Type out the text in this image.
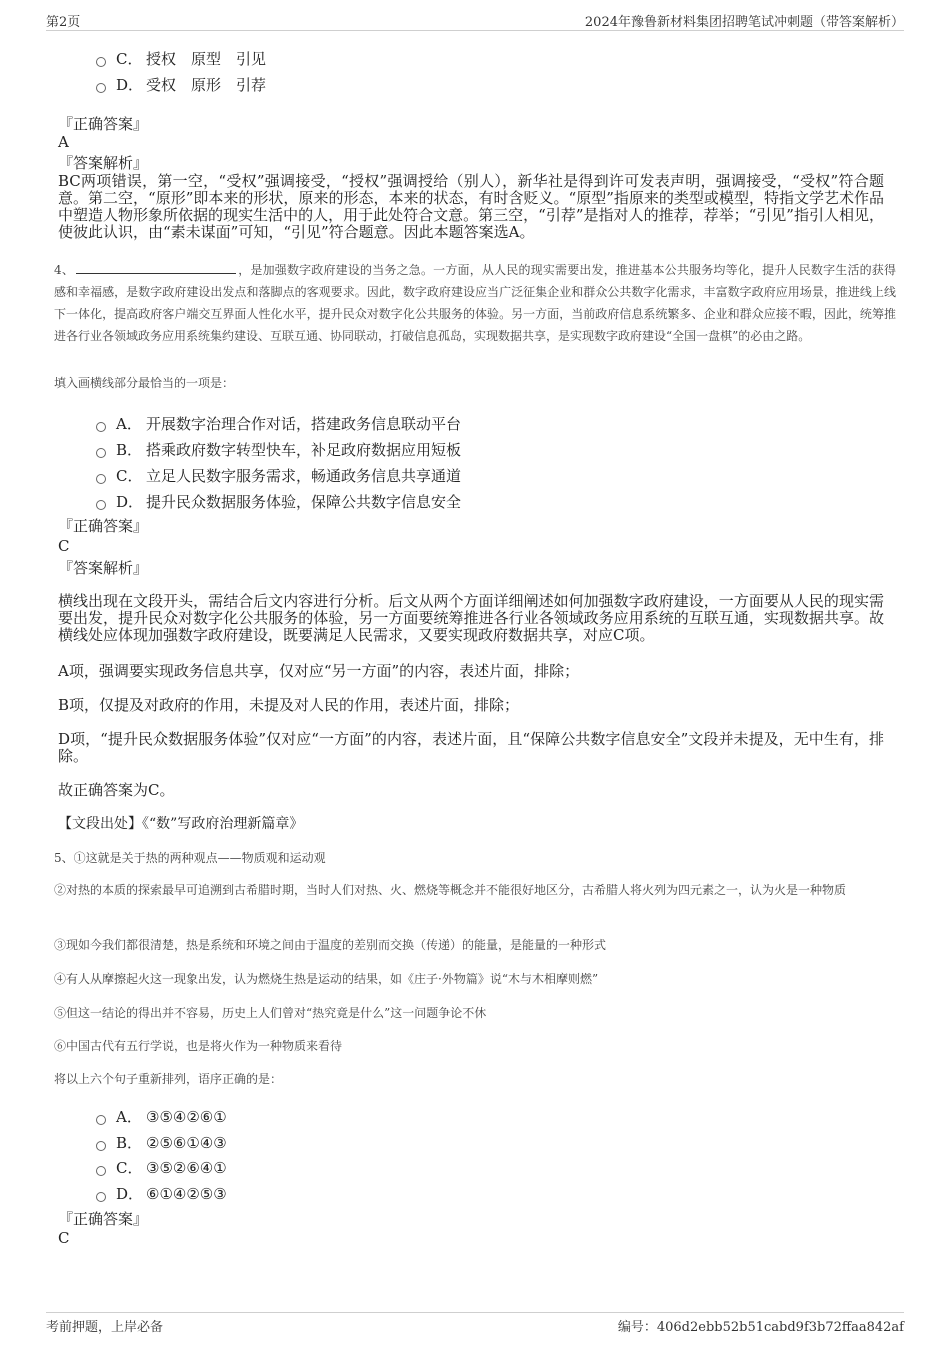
第2页	2024年豫鲁新材料集团招聘笔试冲刺题（带答案解析）
C． 授权　原型　引见
D． 受权　原形　引荐
『正确答案』
A
『答案解析』
BC两项错误，第一空，“受权”强调接受，“授权”强调授给（别人），新华社是得到许可发表声明，强调接受，“受权”符合题意。第二空，“原形”即本来的形状，原来的形态，本来的状态，有时含贬义。“原型”指原来的类型或模型，特指文学艺术作品中塑造人物形象所依据的现实生活中的人，用于此处符合文意。第三空，“引荐”是指对人的推荐，荐举；“引见”指引人相见，使彼此认识，由“素未谋面”可知，“引见”符合题意。因此本题答案选A。
4、	，是加强数字政府建设的当务之急。一方面，从人民的现实需要出发，推进基本公共服务均等化，提升人民数字生活的获得感和幸福感，是数字政府建设出发点和落脚点的客观要求。因此，数字政府建设应当广泛征集企业和群众公共数字化需求，丰富数字政府应用场景，推进线上线下一体化，提高政府客户端交互界面人性化水平，提升民众对数字化公共服务的体验。另一方面，当前政府信息系统繁多、企业和群众应接不暇，因此，统筹推进各行业各领域政务应用系统集约建设、互联互通、协同联动，打破信息孤岛，实现数据共享，是实现数字政府建设“全国一盘棋”的必由之路。
填入画横线部分最恰当的一项是：
A． 开展数字治理合作对话，搭建政务信息联动平台
B． 搭乘政府数字转型快车，补足政府数据应用短板
C． 立足人民数字服务需求，畅通政务信息共享通道
D． 提升民众数据服务体验，保障公共数字信息安全
『正确答案』
C
『答案解析』
横线出现在文段开头，需结合后文内容进行分析。后文从两个方面详细阐述如何加强数字政府建设，一方面要从人民的现实需要出发，提升民众对数字化公共服务的体验，另一方面要统筹推进各行业各领域政务应用系统的互联互通，实现数据共享。故横线处应体现加强数字政府建设，既要满足人民需求，又要实现政府数据共享，对应C项。
A项，强调要实现政务信息共享，仅对应“另一方面”的内容，表述片面，排除；
B项，仅提及对政府的作用，未提及对人民的作用，表述片面，排除；
D项，“提升民众数据服务体验”仅对应“一方面”的内容，表述片面，且“保障公共数字信息安全”文段并未提及，无中生有，排除。
故正确答案为C。
【文段出处】《“数”写政府治理新篇章》
5、①这就是关于热的两种观点——物质观和运动观
②对热的本质的探索最早可追溯到古希腊时期，当时人们对热、火、燃烧等概念并不能很好地区分，古希腊人将火列为四元素之一，认为火是一种物质
③现如今我们都很清楚，热是系统和环境之间由于温度的差别而交换（传递）的能量，是能量的一种形式
④有人从摩擦起火这一现象出发，认为燃烧生热是运动的结果，如《庄子·外物篇》说“木与木相摩则燃”
⑤但这一结论的得出并不容易，历史上人们曾对“热究竟是什么”这一问题争论不休
⑥中国古代有五行学说，也是将火作为一种物质来看待
将以上六个句子重新排列，语序正确的是：
A． ③⑤④②⑥①
B． ②⑤⑥①④③
C． ③⑤②⑥④①
D． ⑥①④②⑤③
『正确答案』
C
考前押题，上岸必备	编号：406d2ebb52b51cabd9f3b72ffaa842af
